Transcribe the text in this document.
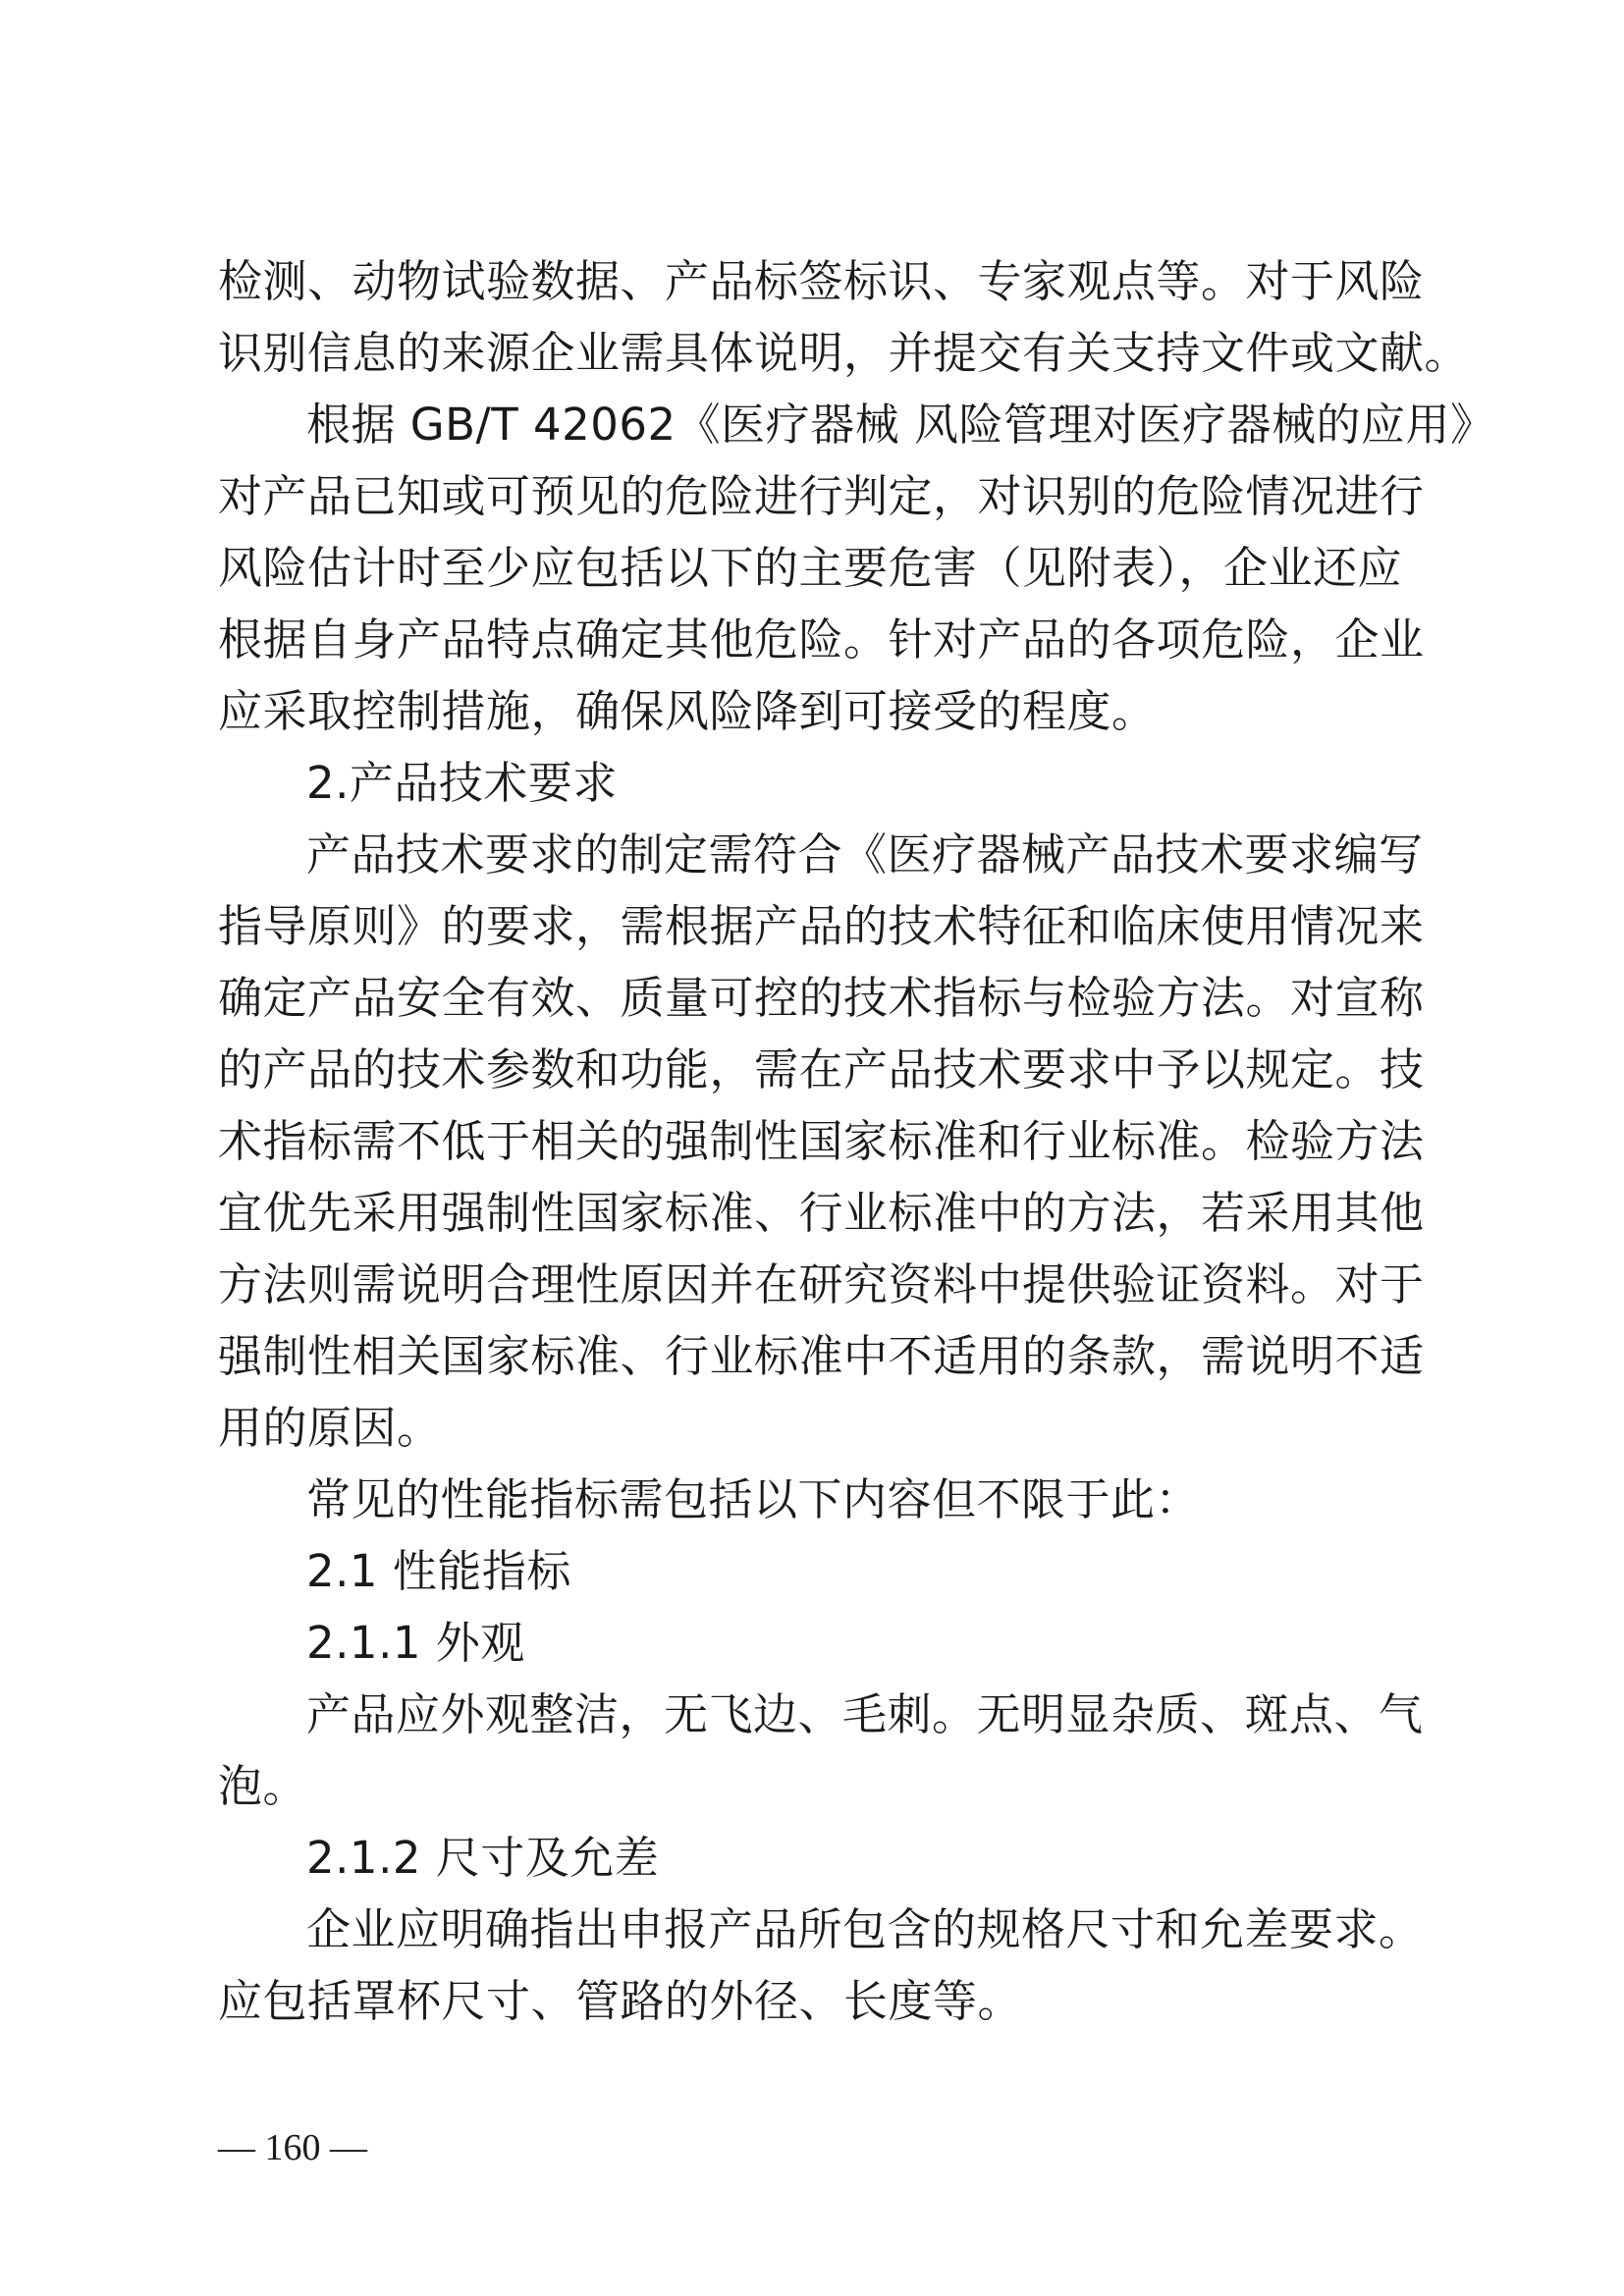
检测、动物试验数据、产品标签标识、专家观点等。对于风险
识别信息的来源企业需具体说明，并提交有关支持文件或文献。
根据 GB/T 42062《医疗器械 风险管理对医疗器械的应用》
对产品已知或可预见的危险进行判定，对识别的危险情况进行
风险估计时至少应包括以下的主要危害（见附表），企业还应
根据自身产品特点确定其他危险。针对产品的各项危险，企业
应采取控制措施，确保风险降到可接受的程度。
2.产品技术要求
产品技术要求的制定需符合《医疗器械产品技术要求编写
指导原则》的要求，需根据产品的技术特征和临床使用情况来
确定产品安全有效、质量可控的技术指标与检验方法。对宣称
的产品的技术参数和功能，需在产品技术要求中予以规定。技
术指标需不低于相关的强制性国家标准和行业标准。检验方法
宜优先采用强制性国家标准、行业标准中的方法，若采用其他
方法则需说明合理性原因并在研究资料中提供验证资料。对于
强制性相关国家标准、行业标准中不适用的条款，需说明不适
用的原因。
常见的性能指标需包括以下内容但不限于此：
2.1 性能指标
2.1.1 外观
产品应外观整洁，无飞边、毛刺。无明显杂质、斑点、气
泡。
2.1.2 尺寸及允差
企业应明确指出申报产品所包含的规格尺寸和允差要求。
应包括罩杯尺寸、管路的外径、长度等。
— 160 —
